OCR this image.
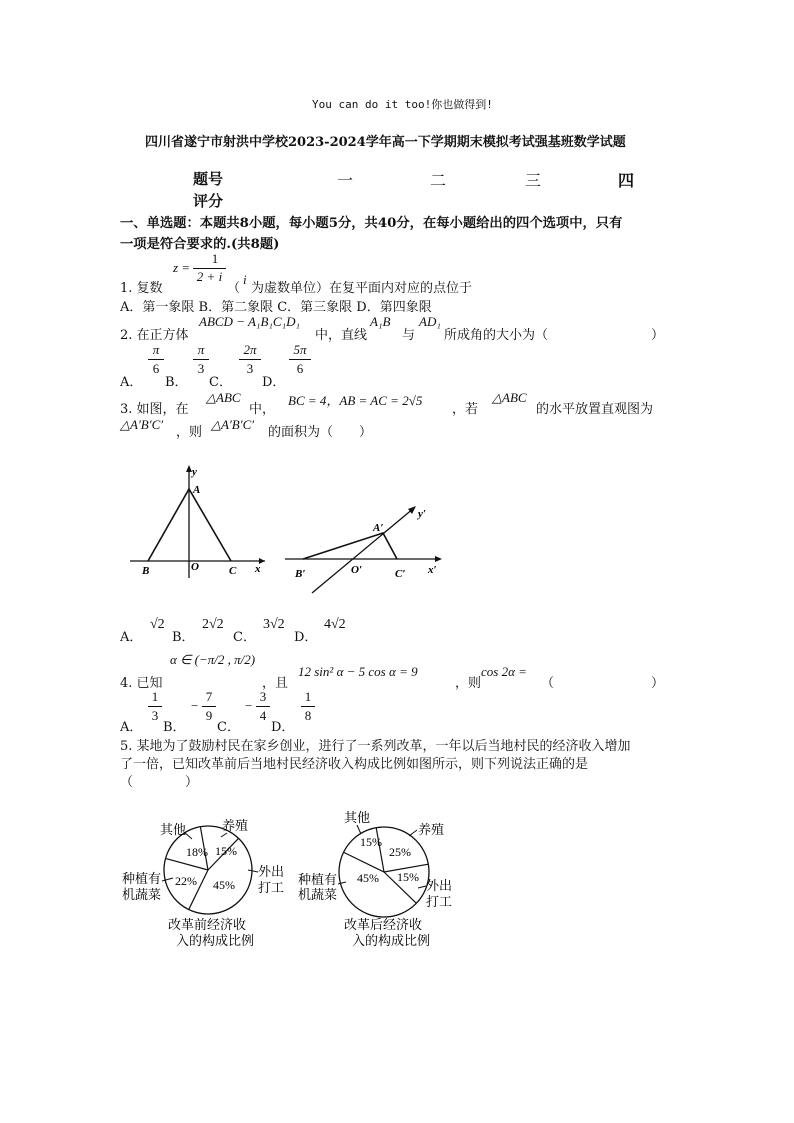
You can do it too!你也做得到!
四川省遂宁市射洪中学校2023-2024学年高一下学期期末模拟考试强基班数学试题
题号	一	二	三	四
评分
一、单选题：本题共8小题，每小题5分，共40分，在每小题给出的四个选项中，只有
一项是符合要求的.(共8题)
z =
1
2 + i
1. 复数	（
i
为虚数单位）在复平面内对应的点位于
A．第一象限 B．第二象限 C．第三象限 D．第四象限
2. 在正方体
ABCD − A₁B₁C₁D₁
中，直线
A₁B
与
AD₁
所成角的大小为（	）
A．
π
6
B．
π
3
C．
2π
3
D．
5π
6
3. 如图，在
△ABC
中，
BC = 4，AB = AC = 2√5
，若
△ABC
的水平放置直观图为
△A′B′C′
，则
△A′B′C′
的面积为（　　）
y
A
B	O	C x
y′
A′
B′	O′	C′ x′
A．
√2
B．
2√2
C．
3√2
D．
4√2
α ∈ (−π/2 , π/2)
4. 已知	，且
12 sin² α − 5 cos α = 9
，则
cos 2α =
（	）
A．
1
3
B．
−
7
9
C．
−
3
4
D．
1
8
5. 某地为了鼓励村民在家乡创业，进行了一系列改革，一年以后当地村民的经济收入增加
了一倍，已知改革前后当地村民经济收入构成比例如图所示，则下列说法正确的是
（　　　　）
其他	养殖
种植有
机蔬菜
外出
打工
18% 15%
22% 45%
改革前经济收
入的构成比例
其他
养殖
种植有
机蔬菜
外出
打工
15%
25%
45% 15%
改革后经济收
入的构成比例
